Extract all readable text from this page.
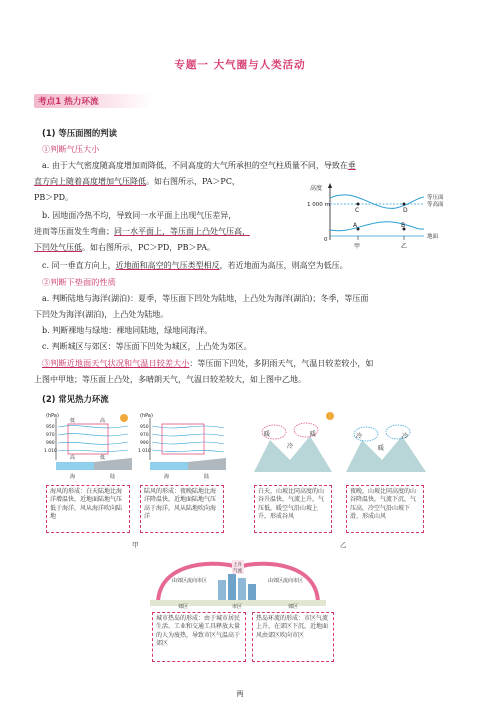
专题一 大气圈与人类活动
考点1 热力环流
(1) 等压面图的判读
①判断气压大小
a. 由于大气密度随高度增加而降低，不同高度的大气所承担的空气柱质量不同，导致在垂
直方向上随着高度增加气压降低。如右图所示，PA＞PC，
PB＞PD。
b. 因地面冷热不均，导致同一水平面上出现气压差异，
进而等压面发生弯曲；同一水平面上，等压面上凸处气压高，
下凹处气压低。如右图所示，PC＞PD，PB＞PA。
高度
1 000 m
0
C	D
A	B
甲	乙
等压面
等高面
地面
c. 同一垂直方向上，近地面和高空的气压类型相反，若近地面为高压，则高空为低压。
②判断下垫面的性质
a. 判断陆地与海洋(湖泊)：夏季，等压面下凹处为陆地，上凸处为海洋(湖泊)；冬季，等压面
下凹处为海洋(湖泊)，上凸处为陆地。
b. 判断裸地与绿地：裸地同陆地，绿地同海洋。
c. 判断城区与郊区：等压面下凹处为城区，上凸处为郊区。
③判断近地面天气状况和气温日较差大小：等压面下凹处，多阴雨天气，气温日较差较小，如
上图中甲地；等压面上凸处，多晴朗天气，气温日较差较大，如上图中乙地。
(2) 常见热力环流
(hPa)
950
970
990
1 010
低	高
高	低
海	陆
(hPa)
950
970
990
1 010
海	陆
海风的形成：白天陆地比海洋增温快，近地面陆地气压低于海洋，风从海洋吹向陆地
陆风的形成：夜晚陆地比海洋降温快，近地面陆地气压高于海洋，风从陆地吹向海洋
甲
暖
冷
暖	冷
暖
冷
白天，山坡比同高度的山谷升温快，气流上升，气压低，暖空气沿山坡上升，形成谷风
夜晚，山坡比同高度的山谷降温快，气流下沉，气压高，冷空气沿山坡下滑，形成山风
乙
由郊区流向市区	由郊区流向市区
上升
气流
郊区	市区	郊区
城市热岛的形成：由于城市居民生活、工业和交通工具释放大量的人为废热，导致市区气温高于郊区
热岛环流的形成：市区气流上升，在郊区下沉，近地面风由郊区吹向市区
两
